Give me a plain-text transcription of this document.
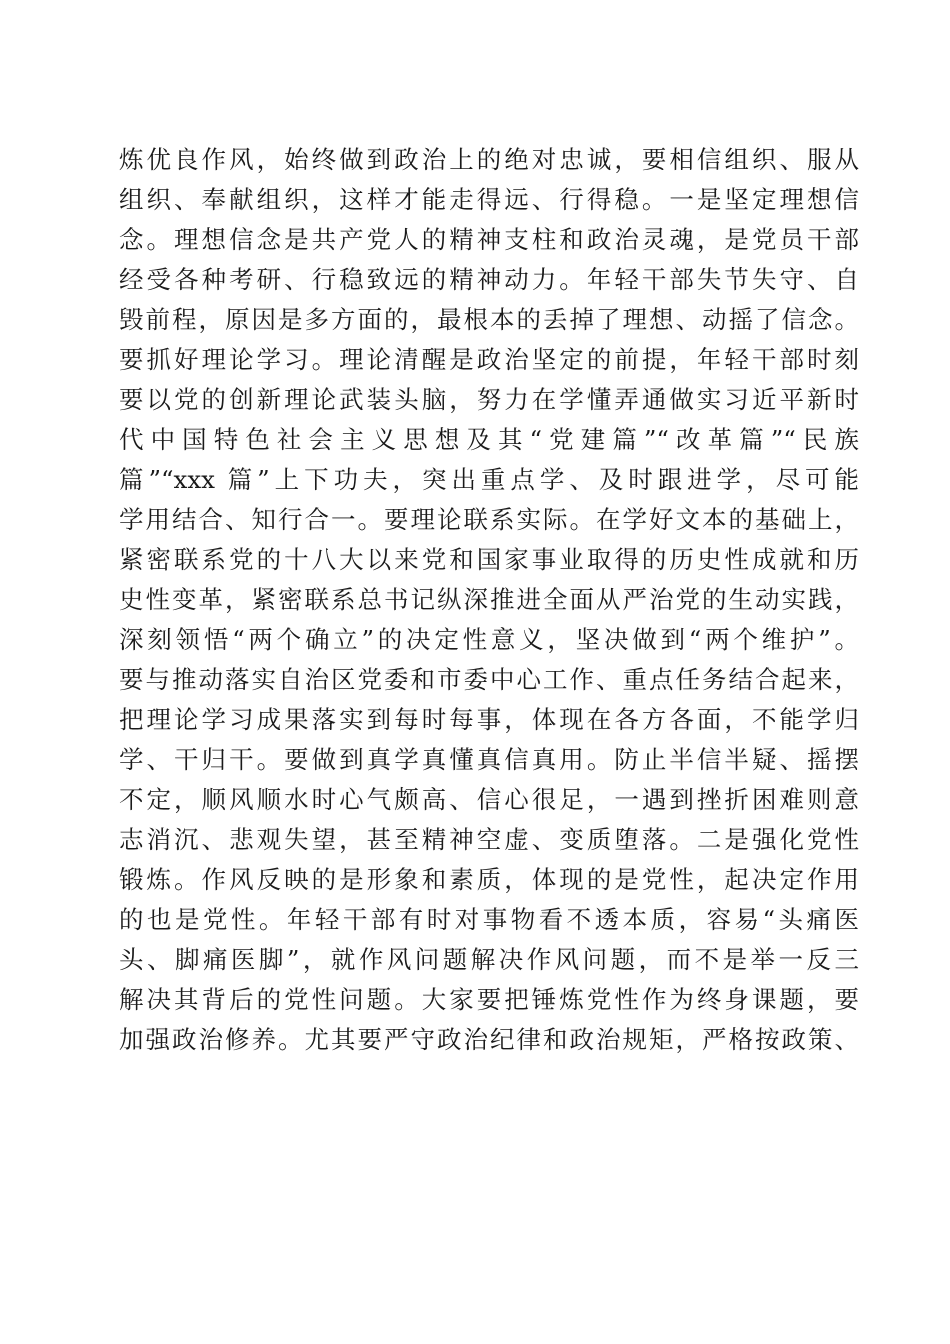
炼优良作风，始终做到政治上的绝对忠诚，要相信组织、服从
组织、奉献组织，这样才能走得远、行得稳。一是坚定理想信
念。理想信念是共产党人的精神支柱和政治灵魂，是党员干部
经受各种考研、行稳致远的精神动力。年轻干部失节失守、自
毁前程，原因是多方面的，最根本的丢掉了理想、动摇了信念。
要抓好理论学习。理论清醒是政治坚定的前提，年轻干部时刻
要以党的创新理论武装头脑，努力在学懂弄通做实习近平新时
代中国特色社会主义思想及其“党建篇”“改革篇”“民族
篇”“xxx 篇”上下功夫，突出重点学、及时跟进学，尽可能
学用结合、知行合一。要理论联系实际。在学好文本的基础上，
紧密联系党的十八大以来党和国家事业取得的历史性成就和历
史性变革，紧密联系总书记纵深推进全面从严治党的生动实践，
深刻领悟“两个确立”的决定性意义，坚决做到“两个维护”。
要与推动落实自治区党委和市委中心工作、重点任务结合起来，
把理论学习成果落实到每时每事，体现在各方各面，不能学归
学、干归干。要做到真学真懂真信真用。防止半信半疑、摇摆
不定，顺风顺水时心气颇高、信心很足，一遇到挫折困难则意
志消沉、悲观失望，甚至精神空虚、变质堕落。二是强化党性
锻炼。作风反映的是形象和素质，体现的是党性，起决定作用
的也是党性。年轻干部有时对事物看不透本质，容易“头痛医
头、脚痛医脚”，就作风问题解决作风问题，而不是举一反三
解决其背后的党性问题。大家要把锤炼党性作为终身课题，要
加强政治修养。尤其要严守政治纪律和政治规矩，严格按政策、
